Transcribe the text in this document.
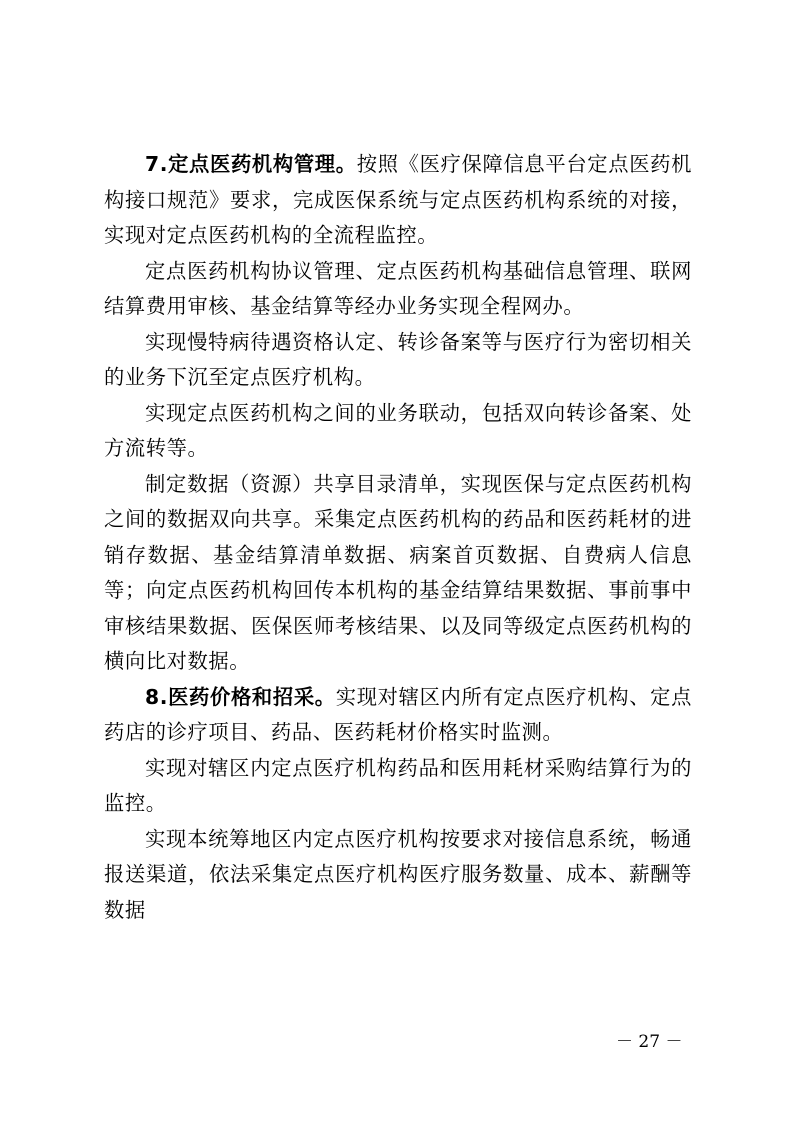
7.定点医药机构管理。按照《医疗保障信息平台定点医药机构接口规范》要求，完成医保系统与定点医药机构系统的对接，实现对定点医药机构的全流程监控。

定点医药机构协议管理、定点医药机构基础信息管理、联网结算费用审核、基金结算等经办业务实现全程网办。

实现慢特病待遇资格认定、转诊备案等与医疗行为密切相关的业务下沉至定点医疗机构。

实现定点医药机构之间的业务联动，包括双向转诊备案、处方流转等。

制定数据（资源）共享目录清单，实现医保与定点医药机构之间的数据双向共享。采集定点医药机构的药品和医药耗材的进销存数据、基金结算清单数据、病案首页数据、自费病人信息等；向定点医药机构回传本机构的基金结算结果数据、事前事中审核结果数据、医保医师考核结果、以及同等级定点医药机构的横向比对数据。

8.医药价格和招采。实现对辖区内所有定点医疗机构、定点药店的诊疗项目、药品、医药耗材价格实时监测。

实现对辖区内定点医疗机构药品和医用耗材采购结算行为的监控。

实现本统筹地区内定点医疗机构按要求对接信息系统，畅通报送渠道，依法采集定点医疗机构医疗服务数量、成本、薪酬等数据

－ 27 －
